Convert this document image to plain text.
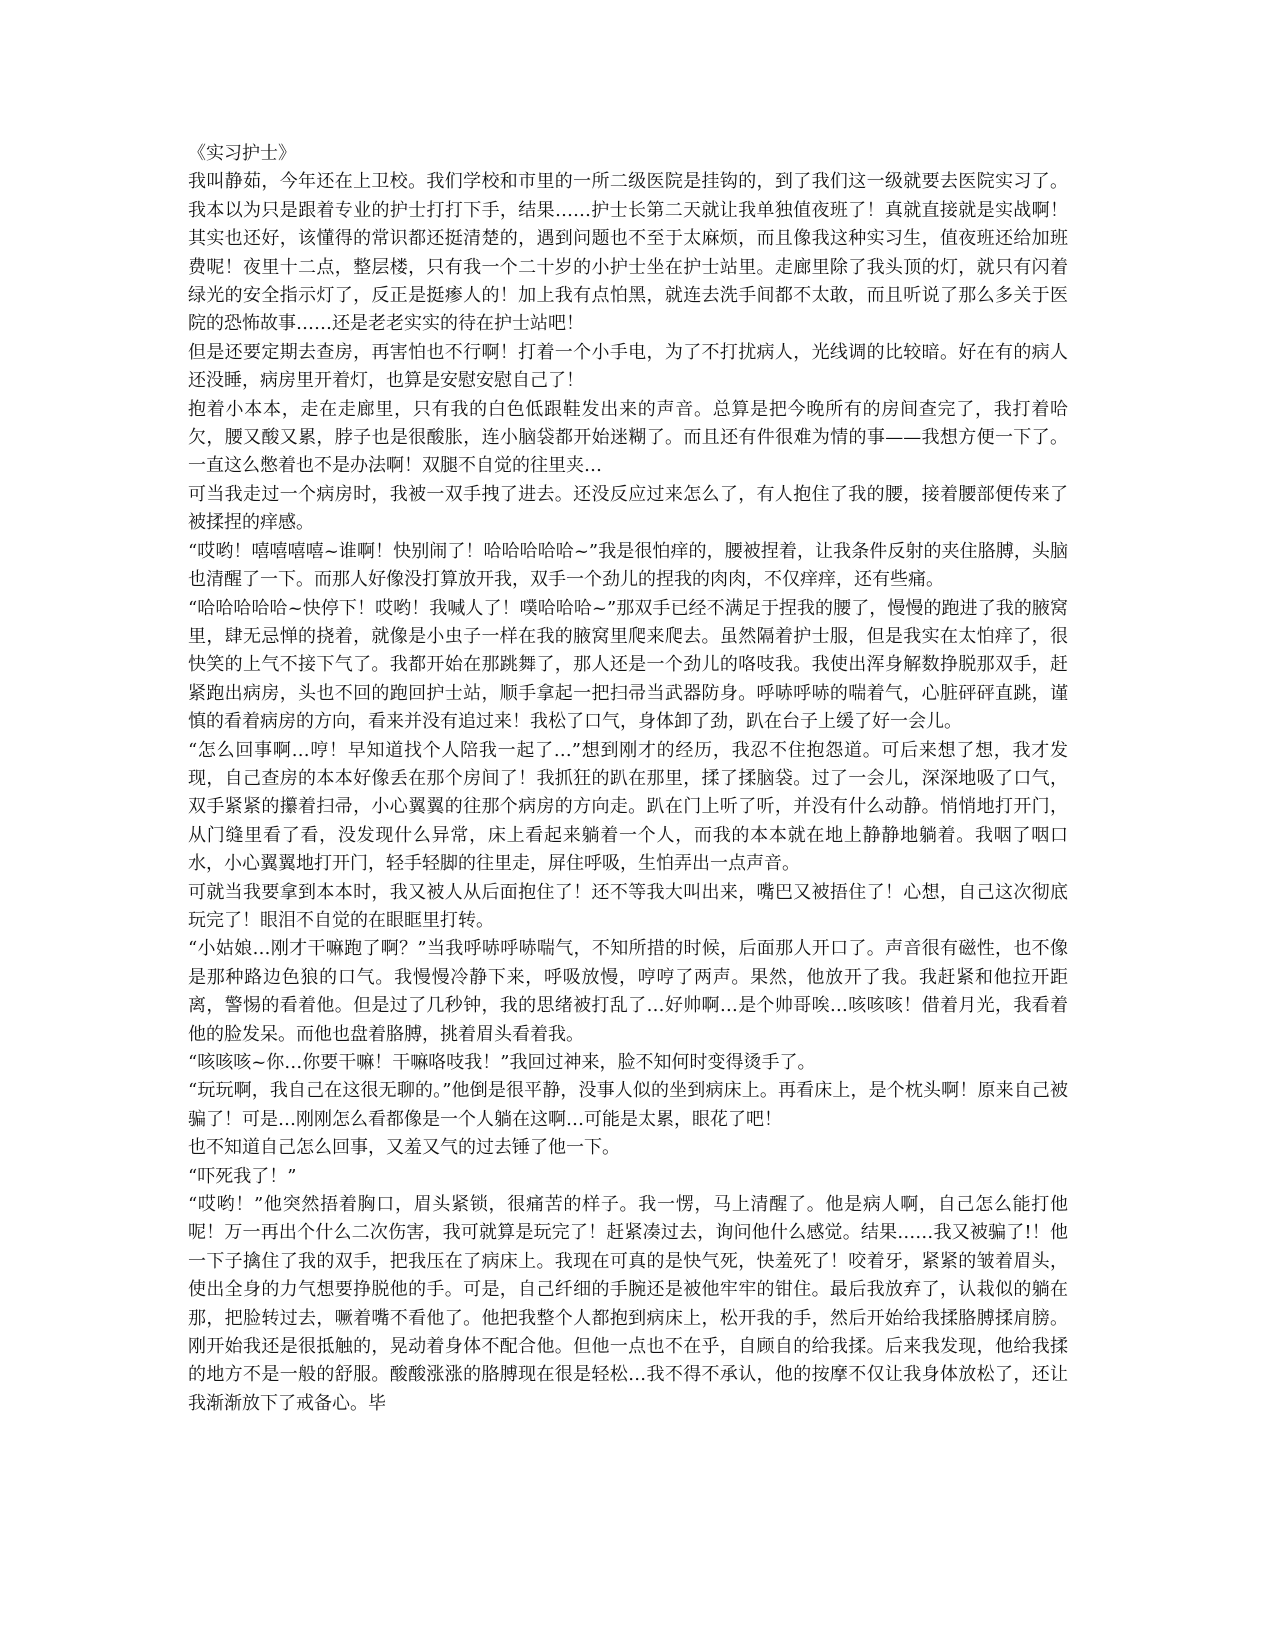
《实习护士》

我叫静茹，今年还在上卫校。我们学校和市里的一所二级医院是挂钩的，到了我们这一级就要去医院实习了。我本以为只是跟着专业的护士打打下手，结果……护士长第二天就让我单独值夜班了！真就直接就是实战啊！其实也还好，该懂得的常识都还挺清楚的，遇到问题也不至于太麻烦，而且像我这种实习生，值夜班还给加班费呢！夜里十二点，整层楼，只有我一个二十岁的小护士坐在护士站里。走廊里除了我头顶的灯，就只有闪着绿光的安全指示灯了，反正是挺瘆人的！加上我有点怕黑，就连去洗手间都不太敢，而且听说了那么多关于医院的恐怖故事……还是老老实实的待在护士站吧！

但是还要定期去查房，再害怕也不行啊！打着一个小手电，为了不打扰病人，光线调的比较暗。好在有的病人还没睡，病房里开着灯，也算是安慰安慰自己了！

抱着小本本，走在走廊里，只有我的白色低跟鞋发出来的声音。总算是把今晚所有的房间查完了，我打着哈欠，腰又酸又累，脖子也是很酸胀，连小脑袋都开始迷糊了。而且还有件很难为情的事——我想方便一下了。一直这么憋着也不是办法啊！双腿不自觉的往里夹…

可当我走过一个病房时，我被一双手拽了进去。还没反应过来怎么了，有人抱住了我的腰，接着腰部便传来了被揉捏的痒感。

“哎哟！嘻嘻嘻嘻~谁啊！快别闹了！哈哈哈哈哈~”我是很怕痒的，腰被捏着，让我条件反射的夹住胳膊，头脑也清醒了一下。而那人好像没打算放开我，双手一个劲儿的捏我的肉肉，不仅痒痒，还有些痛。

“哈哈哈哈哈~快停下！哎哟！我喊人了！噗哈哈哈~”那双手已经不满足于捏我的腰了，慢慢的跑进了我的腋窝里，肆无忌惮的挠着，就像是小虫子一样在我的腋窝里爬来爬去。虽然隔着护士服，但是我实在太怕痒了，很快笑的上气不接下气了。我都开始在那跳舞了，那人还是一个劲儿的咯吱我。我使出浑身解数挣脱那双手，赶紧跑出病房，头也不回的跑回护士站，顺手拿起一把扫帚当武器防身。呼哧呼哧的喘着气，心脏砰砰直跳，谨慎的看着病房的方向，看来并没有追过来！我松了口气，身体卸了劲，趴在台子上缓了好一会儿。

“怎么回事啊…哼！早知道找个人陪我一起了…”想到刚才的经历，我忍不住抱怨道。可后来想了想，我才发现，自己查房的本本好像丢在那个房间了！我抓狂的趴在那里，揉了揉脑袋。过了一会儿，深深地吸了口气，双手紧紧的攥着扫帚，小心翼翼的往那个病房的方向走。趴在门上听了听，并没有什么动静。悄悄地打开门，从门缝里看了看，没发现什么异常，床上看起来躺着一个人，而我的本本就在地上静静地躺着。我咽了咽口水，小心翼翼地打开门，轻手轻脚的往里走，屏住呼吸，生怕弄出一点声音。

可就当我要拿到本本时，我又被人从后面抱住了！还不等我大叫出来，嘴巴又被捂住了！心想，自己这次彻底玩完了！眼泪不自觉的在眼眶里打转。

“小姑娘…刚才干嘛跑了啊？”当我呼哧呼哧喘气，不知所措的时候，后面那人开口了。声音很有磁性，也不像是那种路边色狼的口气。我慢慢冷静下来，呼吸放慢，哼哼了两声。果然，他放开了我。我赶紧和他拉开距离，警惕的看着他。但是过了几秒钟，我的思绪被打乱了…好帅啊…是个帅哥唉…咳咳咳！借着月光，我看着他的脸发呆。而他也盘着胳膊，挑着眉头看着我。

“咳咳咳~你…你要干嘛！干嘛咯吱我！”我回过神来，脸不知何时变得烫手了。

“玩玩啊，我自己在这很无聊的。”他倒是很平静，没事人似的坐到病床上。再看床上，是个枕头啊！原来自己被骗了！可是…刚刚怎么看都像是一个人躺在这啊…可能是太累，眼花了吧！

也不知道自己怎么回事，又羞又气的过去锤了他一下。

“吓死我了！”

“哎哟！”他突然捂着胸口，眉头紧锁，很痛苦的样子。我一愣，马上清醒了。他是病人啊，自己怎么能打他呢！万一再出个什么二次伤害，我可就算是玩完了！赶紧凑过去，询问他什么感觉。结果……我又被骗了!！他一下子擒住了我的双手，把我压在了病床上。我现在可真的是快气死，快羞死了！咬着牙，紧紧的皱着眉头，使出全身的力气想要挣脱他的手。可是，自己纤细的手腕还是被他牢牢的钳住。最后我放弃了，认栽似的躺在那，把脸转过去，噘着嘴不看他了。他把我整个人都抱到病床上，松开我的手，然后开始给我揉胳膊揉肩膀。刚开始我还是很抵触的，晃动着身体不配合他。但他一点也不在乎，自顾自的给我揉。后来我发现，他给我揉的地方不是一般的舒服。酸酸涨涨的胳膊现在很是轻松…我不得不承认，他的按摩不仅让我身体放松了，还让我渐渐放下了戒备心。毕
